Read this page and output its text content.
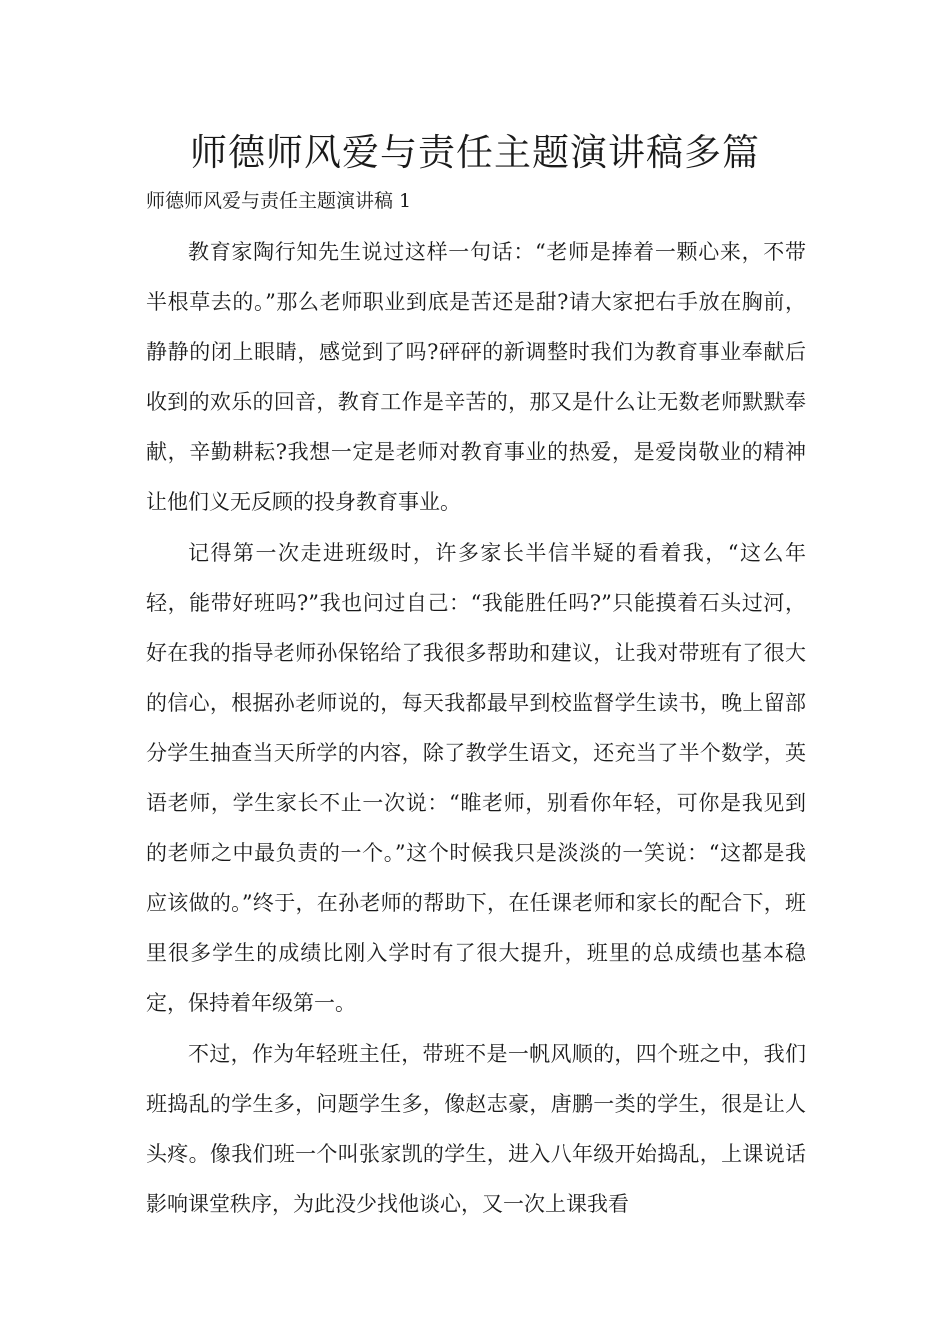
师德师风爱与责任主题演讲稿多篇

师德师风爱与责任主题演讲稿 1

教育家陶行知先生说过这样一句话：“老师是捧着一颗心来，不带半根草去的。”那么老师职业到底是苦还是甜?请大家把右手放在胸前，静静的闭上眼睛，感觉到了吗?砰砰的新调整时我们为教育事业奉献后收到的欢乐的回音，教育工作是辛苦的，那又是什么让无数老师默默奉献，辛勤耕耘?我想一定是老师对教育事业的热爱，是爱岗敬业的精神让他们义无反顾的投身教育事业。

记得第一次走进班级时，许多家长半信半疑的看着我，“这么年轻，能带好班吗?”我也问过自己：“我能胜任吗?”只能摸着石头过河，好在我的指导老师孙保铭给了我很多帮助和建议，让我对带班有了很大的信心，根据孙老师说的，每天我都最早到校监督学生读书，晚上留部分学生抽查当天所学的内容，除了教学生语文，还充当了半个数学，英语老师，学生家长不止一次说：“睢老师，别看你年轻，可你是我见到的老师之中最负责的一个。”这个时候我只是淡淡的一笑说：“这都是我应该做的。”终于，在孙老师的帮助下，在任课老师和家长的配合下，班里很多学生的成绩比刚入学时有了很大提升，班里的总成绩也基本稳定，保持着年级第一。

不过，作为年轻班主任，带班不是一帆风顺的，四个班之中，我们班捣乱的学生多，问题学生多，像赵志豪，唐鹏一类的学生，很是让人头疼。像我们班一个叫张家凯的学生，进入八年级开始捣乱，上课说话影响课堂秩序，为此没少找他谈心，又一次上课我看
